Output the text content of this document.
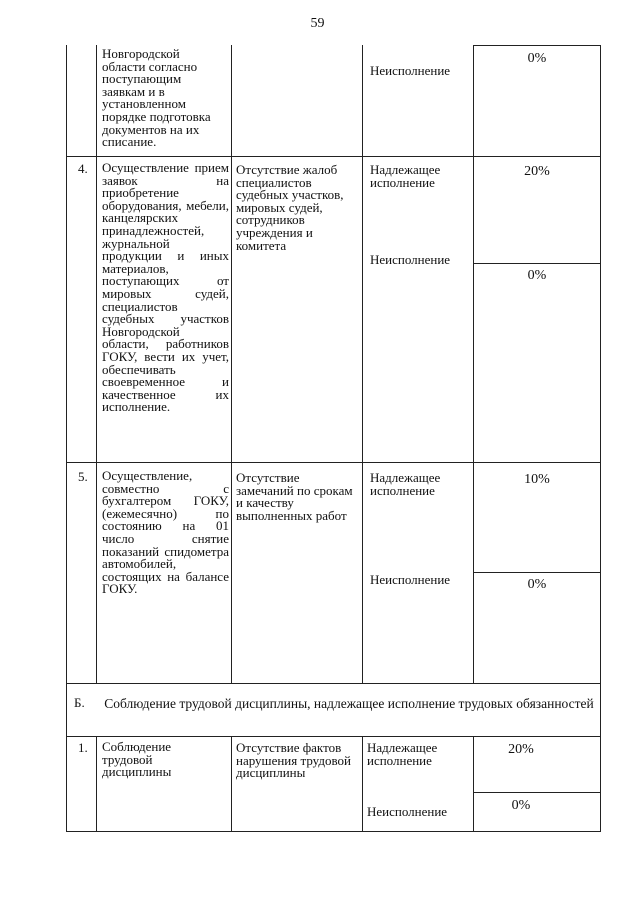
59
Новгородской области согласно поступающим заявкам и в установленном порядке подготовка документов на их списание.
Неисполнение
0%
4. Осуществление прием заявок на приобретение оборудования, мебели, канцелярских принадлежностей, журнальной продукции и иных материалов, поступающих от мировых судей, специалистов судебных участков Новгородской области, работников ГОКУ, вести их учет, обеспечивать своевременное и качественное их исполнение.
Отсутствие жалоб специалистов судебных участков, мировых судей, сотрудников учреждения и комитета
Надлежащее исполнение
Неисполнение
20%
0%
5. Осуществление, совместно с бухгалтером ГОКУ, (ежемесячно) по состоянию на 01 число снятие показаний спидометра автомобилей, состоящих на балансе ГОКУ.
Отсутствие замечаний по срокам и качеству выполненных работ
Надлежащее исполнение
Неисполнение
10%
0%
Б. Соблюдение трудовой дисциплины, надлежащее исполнение трудовых обязанностей
1. Соблюдение трудовой дисциплины
Отсутствие фактов нарушения трудовой дисциплины
Надлежащее исполнение
Неисполнение
20%
0%
